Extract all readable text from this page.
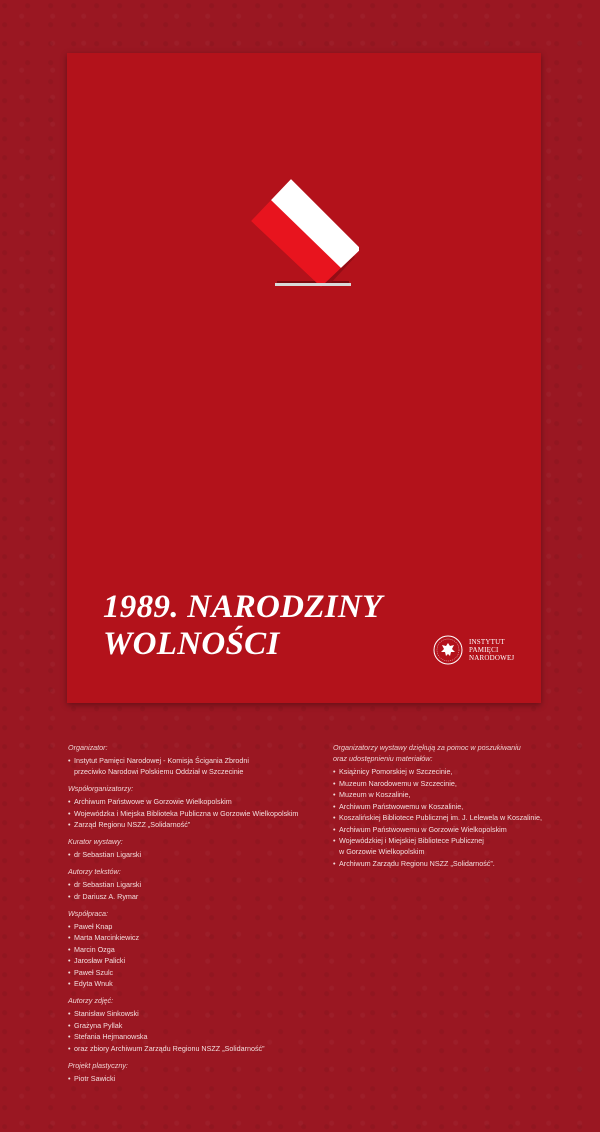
1989. NARODZINY
WOLNOŚCI	INSTYTUT
PAMIĘCI
NARODOWEJ
Organizator:
• Instytut Pamięci Narodowej - Komisja Ścigania Zbrodni
przeciwko Narodowi Polskiemu Oddział w Szczecinie
Współorganizatorzy:
• Archiwum Państwowe w Gorzowie Wielkopolskim
• Wojewódzka i Miejska Biblioteka Publiczna w Gorzowie Wielkopolskim
• Zarząd Regionu NSZZ „Solidarność”
Kurator wystawy:
• dr Sebastian Ligarski
Autorzy tekstów:
• dr Sebastian Ligarski
• dr Dariusz A. Rymar
Współpraca:
• Paweł Knap
• Marta Marcinkiewicz
• Marcin Ozga
• Jarosław Palicki
• Paweł Szulc
• Edyta Wnuk
Autorzy zdjęć:
• Stanisław Sinkowski
• Grażyna Pyllak
• Stefania Hejmanowska
• oraz zbiory Archiwum Zarządu Regionu NSZZ „Solidarność”
Projekt plastyczny:
• Piotr Sawicki
Organizatorzy wystawy dziękują za pomoc w poszukiwaniu
oraz udostępnieniu materiałów:
• Książnicy Pomorskiej w Szczecinie,
• Muzeum Narodowemu w Szczecinie,
• Muzeum w Koszalinie,
• Archiwum Państwowemu w Koszalinie,
• Koszalińskiej Bibliotece Publicznej im. J. Lelewela w Koszalinie,
• Archiwum Państwowemu w Gorzowie Wielkopolskim
• Wojewódzkiej i Miejskiej Bibliotece Publicznej
w Gorzowie Wielkopolskim
• Archiwum Zarządu Regionu NSZZ „Solidarność”.
